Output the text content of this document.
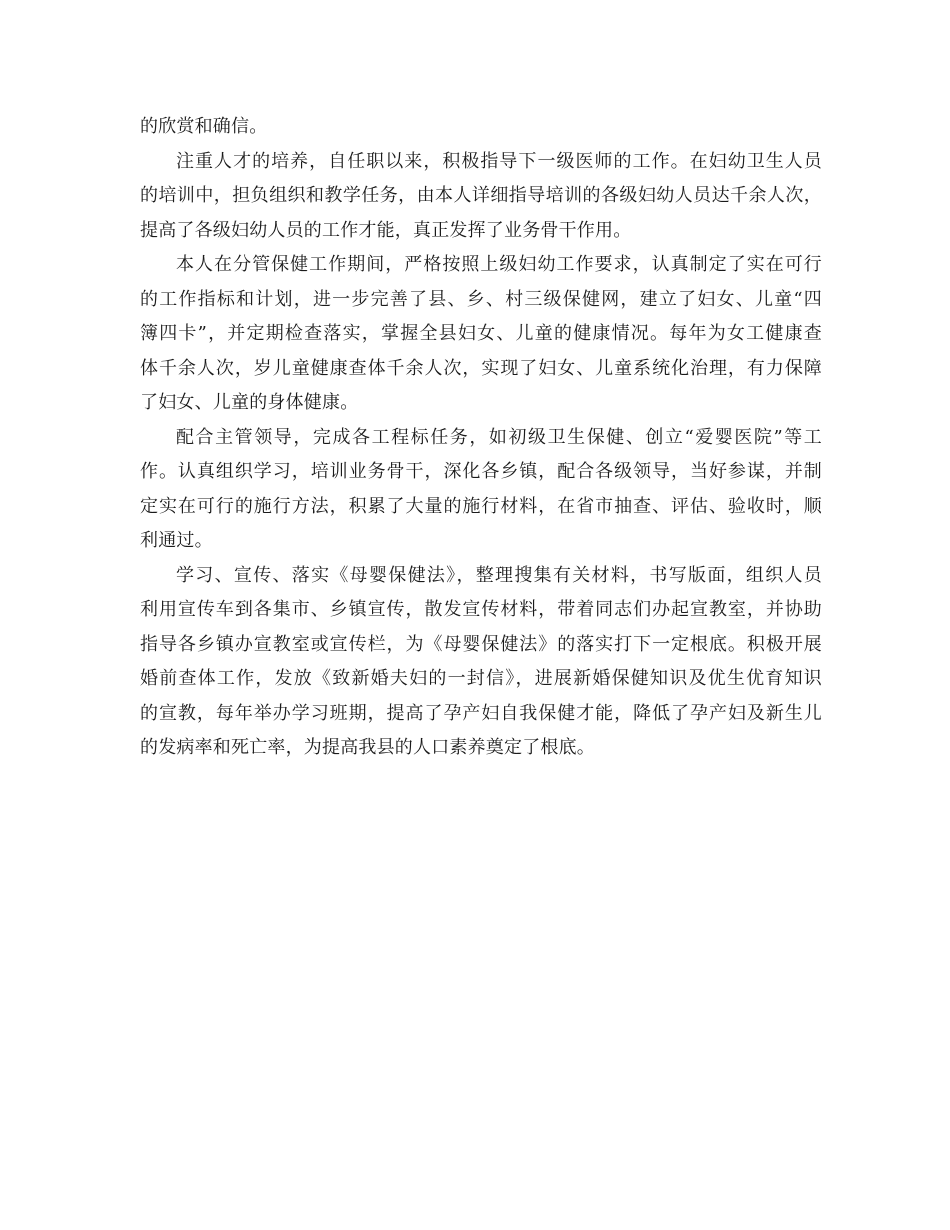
的欣赏和确信。

注重人才的培养，自任职以来，积极指导下一级医师的工作。在妇幼卫生人员
的培训中，担负组织和教学任务，由本人详细指导培训的各级妇幼人员达千余人次，
提高了各级妇幼人员的工作才能，真正发挥了业务骨干作用。

本人在分管保健工作期间，严格按照上级妇幼工作要求，认真制定了实在可行
的工作指标和计划，进一步完善了县、乡、村三级保健网，建立了妇女、儿童“四
簿四卡”，并定期检查落实，掌握全县妇女、儿童的健康情况。每年为女工健康查
体千余人次，岁儿童健康查体千余人次，实现了妇女、儿童系统化治理，有力保障
了妇女、儿童的身体健康。

配合主管领导，完成各工程标任务，如初级卫生保健、创立“爱婴医院”等工
作。认真组织学习，培训业务骨干，深化各乡镇，配合各级领导，当好参谋，并制
定实在可行的施行方法，积累了大量的施行材料，在省市抽查、评估、验收时，顺
利通过。

学习、宣传、落实《母婴保健法》，整理搜集有关材料，书写版面，组织人员
利用宣传车到各集市、乡镇宣传，散发宣传材料，带着同志们办起宣教室，并协助
指导各乡镇办宣教室或宣传栏，为《母婴保健法》的落实打下一定根底。积极开展
婚前查体工作，发放《致新婚夫妇的一封信》，进展新婚保健知识及优生优育知识
的宣教，每年举办学习班期，提高了孕产妇自我保健才能，降低了孕产妇及新生儿
的发病率和死亡率，为提高我县的人口素养奠定了根底。
